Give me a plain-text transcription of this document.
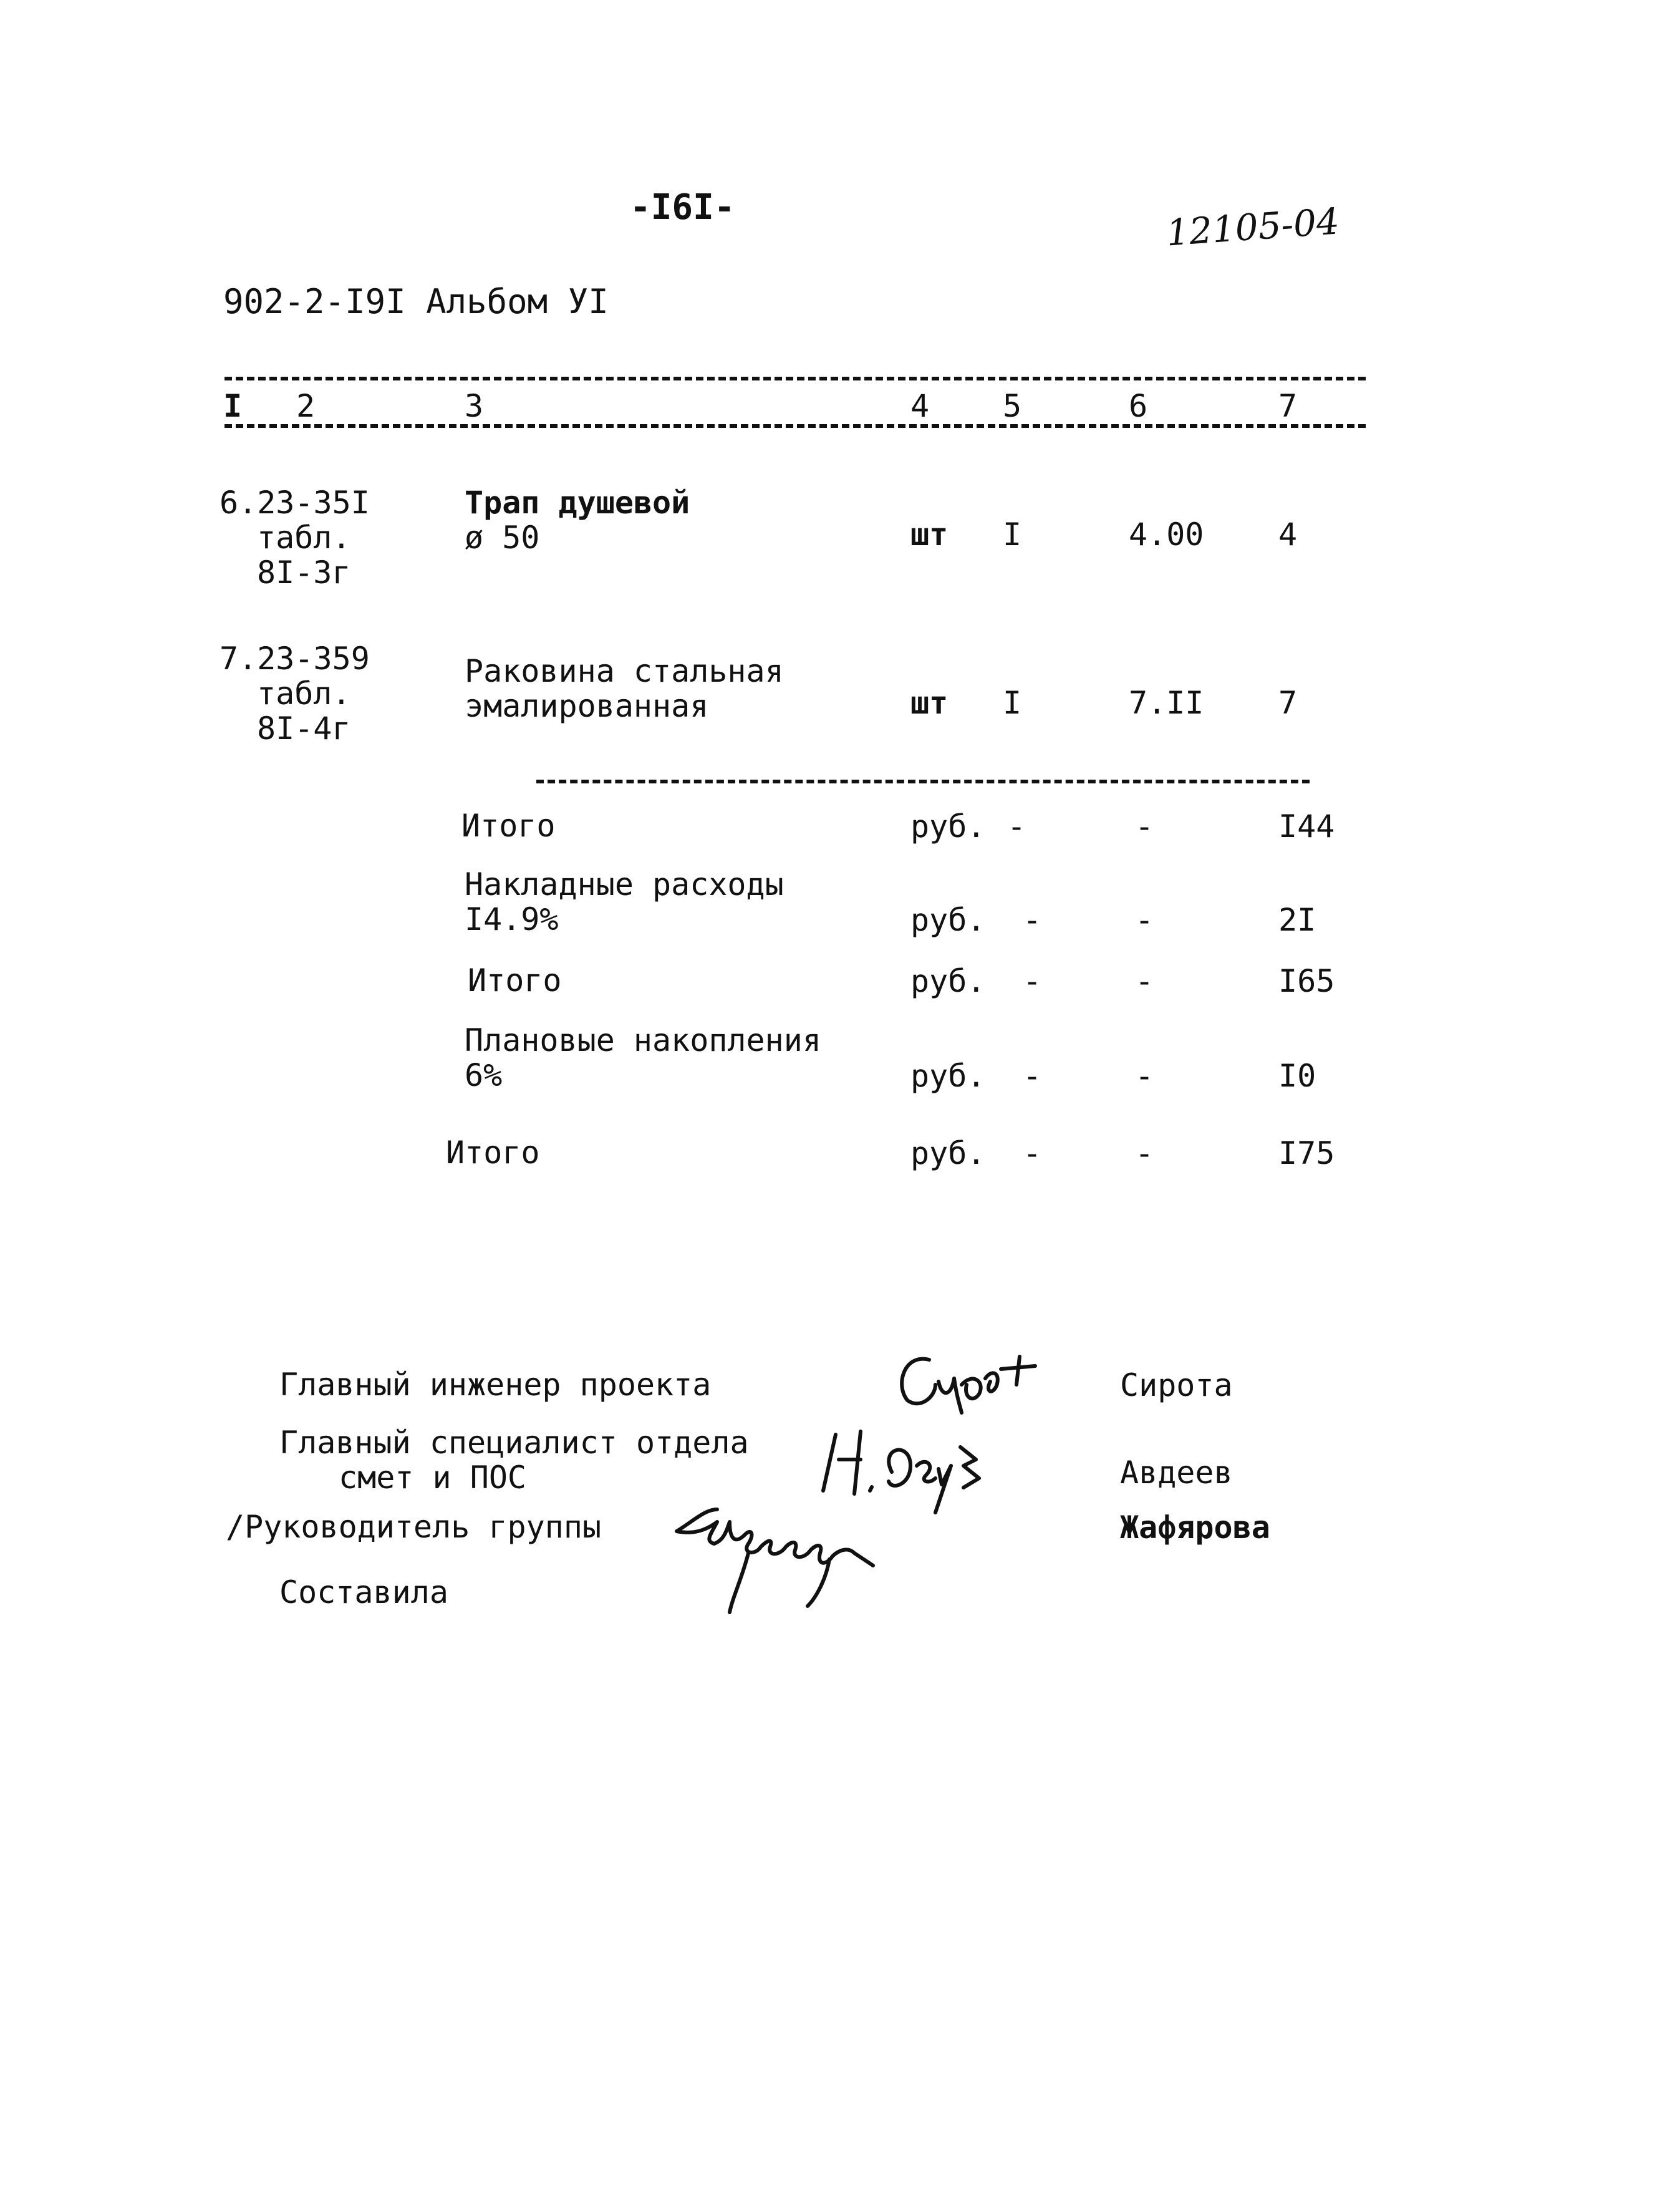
-I6I-	12105-04
902-2-I9I Альбом УI
I 2	3	4 5	6	7
6.23-35I
табл.
8I-3г
Трап душевой
ø 50	шт I	4.00 4
7.23-359
табл.
8I-4г
Раковина стальная
эмалированная	шт I	7.II 7
Итого	руб. -	-	I44
Накладные расходы
I4.9%	руб. -	-	2I
Итого	руб. -	-	I65
Плановые накопления
6%	руб. -	-	I0
Итого	руб. -	-	I75
Главный инженер проекта	Сирота
Главный специалист отдела
смет и ПОС	Авдеев
/Руководитель группы	Жафярова
Составила
